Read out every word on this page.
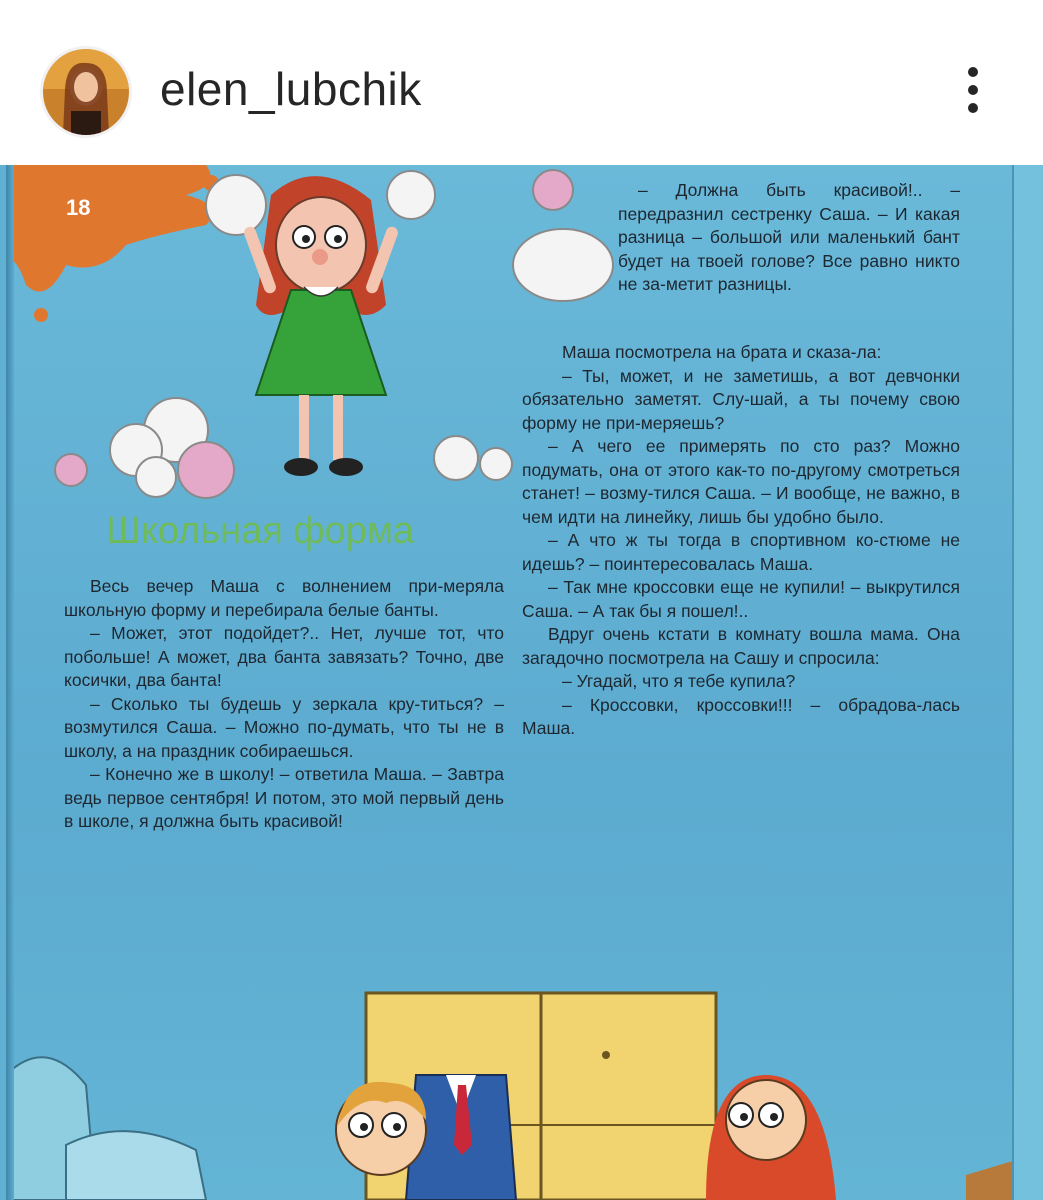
elen_lubchik
18
Школьная форма

Весь вечер Маша с волнением при-меряла школьную форму и перебирала белые банты.

– Может, этот подойдет?.. Нет, лучше тот, что побольше! А может, два банта завязать? Точно, две косички, два банта!

– Сколько ты будешь у зеркала кру-титься? – возмутился Саша. – Можно по-думать, что ты не в школу, а на праздник собираешься.

– Конечно же в школу! – ответила Маша. – Завтра ведь первое сентября! И потом, это мой первый день в школе, я должна быть красивой!

– Должна быть красивой!.. – передразнил сестренку Саша. – И какая разница – большой или маленький бант будет на твоей голове? Все равно никто не за-метит разницы.

Маша посмотрела на брата и сказа-ла:

– Ты, может, и не заметишь, а вот девчонки обязательно заметят. Слу-шай, а ты почему свою форму не при-меряешь?

– А чего ее примерять по сто раз? Можно подумать, она от этого как-то по-другому смотреться станет! – возму-тился Саша. – И вообще, не важно, в чем идти на линейку, лишь бы удобно было.

– А что ж ты тогда в спортивном ко-стюме не идешь? – поинтересовалась Маша.

– Так мне кроссовки еще не купили! – выкрутился Саша. – А так бы я пошел!..

Вдруг очень кстати в комнату вошла мама. Она загадочно посмотрела на Сашу и спросила:

– Угадай, что я тебе купила?

– Кроссовки, кроссовки!!! – обрадова-лась Маша.
